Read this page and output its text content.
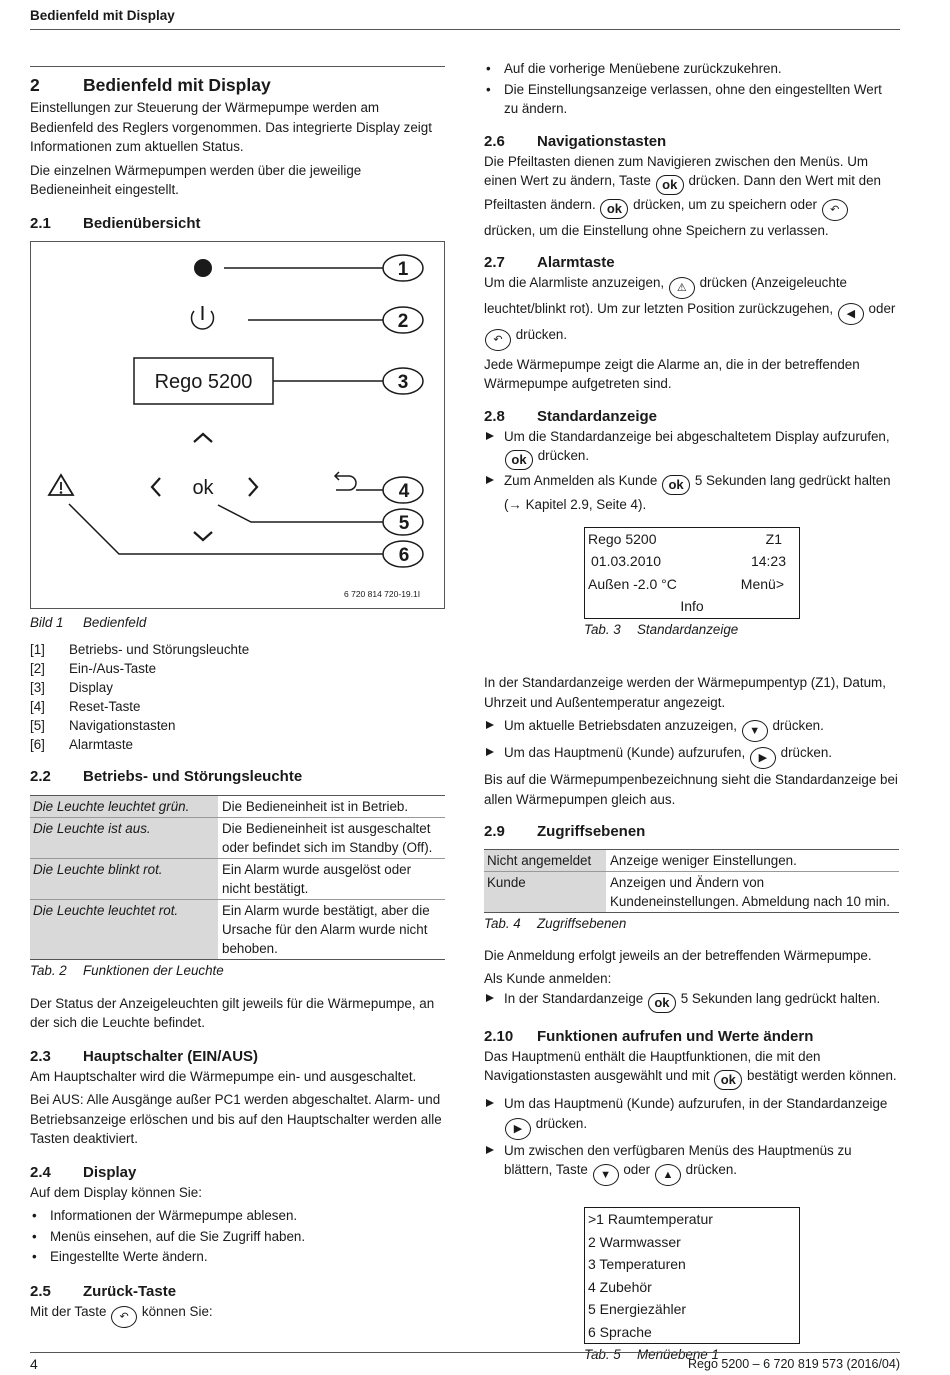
Bedienfeld mit Display
2 Bedienfeld mit Display

Einstellungen zur Steuerung der Wärmepumpe werden am Bedienfeld des Reglers vorgenommen. Das integrierte Display zeigt Informationen zum aktuellen Status.

Die einzelnen Wärmepumpen werden über die jeweilige Bedieneinheit eingestellt.

2.1 Bedienübersicht
Rego 5200
ok
1
2
3
4
5
6
6 720 814 720-19.1I
Bild 1 Bedienfeld
[1]	Betriebs- und Störungsleuchte
[2]	Ein-/Aus-Taste
[3]	Display
[4]	Reset-Taste
[5]	Navigationstasten
[6]	Alarmtaste
2.2 Betriebs- und Störungsleuchte
Die Leuchte leuchtet grün.	Die Bedieneinheit ist in Betrieb.
Die Leuchte ist aus.	Die Bedieneinheit ist ausgeschaltet oder befindet sich im Standby (Off).
Die Leuchte blinkt rot.	Ein Alarm wurde ausgelöst oder nicht bestätigt.
Die Leuchte leuchtet rot.	Ein Alarm wurde bestätigt, aber die Ursache für den Alarm wurde nicht behoben.
Tab. 2 Funktionen der Leuchte

Der Status der Anzeigeleuchten gilt jeweils für die Wärmepumpe, an der sich die Leuchte befindet.

2.3 Hauptschalter (EIN/AUS)

Am Hauptschalter wird die Wärmepumpe ein- und ausgeschaltet.

Bei AUS: Alle Ausgänge außer PC1 werden abgeschaltet. Alarm- und Betriebsanzeige erlöschen und bis auf den Hauptschalter werden alle Tasten deaktiviert.

2.4 Display

Auf dem Display können Sie:

• Informationen der Wärmepumpe ablesen.
• Menüs einsehen, auf die Sie Zugriff haben.
• Eingestellte Werte ändern.
2.5 Zurück-Taste

Mit der Taste ↶ können Sie:

• Auf die vorherige Menüebene zurückzukehren.
• Die Einstellungsanzeige verlassen, ohne den eingestellten Wert zu ändern.
2.6 Navigationstasten

Die Pfeiltasten dienen zum Navigieren zwischen den Menüs. Um einen Wert zu ändern, Taste ok drücken. Dann den Wert mit den Pfeiltasten ändern. ok drücken, um zu speichern oder ↶ drücken, um die Einstellung ohne Speichern zu verlassen.

2.7 Alarmtaste

Um die Alarmliste anzuzeigen, ⚠ drücken (Anzeigeleuchte leuchtet/blinkt rot). Um zur letzten Position zurückzugehen, ◀ oder ↶ drücken.

Jede Wärmepumpe zeigt die Alarme an, die in der betreffenden Wärmepumpe aufgetreten sind.

2.8 Standardanzeige
Um die Standardanzeige bei abgeschaltetem Display aufzurufen, ok drücken.
Zum Anmelden als Kunde ok 5 Sekunden lang gedrückt halten (→ Kapitel 2.9, Seite 4).
Rego 5200	Z1
01.03.2010	14:23
Außen -2.0 °C	Menü>
Info
Tab. 3 Standardanzeige

In der Standardanzeige werden der Wärmepumpentyp (Z1), Datum, Uhrzeit und Außentemperatur angezeigt.

Um aktuelle Betriebsdaten anzuzeigen, ▼ drücken.
Um das Hauptmenü (Kunde) aufzurufen, ▶ drücken.

Bis auf die Wärmepumpenbezeichnung sieht die Standardanzeige bei allen Wärmepumpen gleich aus.

2.9 Zugriffsebenen
Nicht angemeldet	Anzeige weniger Einstellungen.
Kunde	Anzeigen und Ändern von Kundeneinstellungen. Abmeldung nach 10 min.
Tab. 4 Zugriffsebenen

Die Anmeldung erfolgt jeweils an der betreffenden Wärmepumpe.

Als Kunde anmelden:

In der Standardanzeige ok 5 Sekunden lang gedrückt halten.
2.10 Funktionen aufrufen und Werte ändern

Das Hauptmenü enthält die Hauptfunktionen, die mit den Navigationstasten ausgewählt und mit ok bestätigt werden können.

Um das Hauptmenü (Kunde) aufzurufen, in der Standardanzeige ▶ drücken.
Um zwischen den verfügbaren Menüs des Hauptmenüs zu blättern, Taste ▼ oder ▲ drücken.
>1 Raumtemperatur
2 Warmwasser
3 Temperaturen
4 Zubehör
5 Energiezähler
6 Sprache
Tab. 5 Menüebene 1
4	Rego 5200 – 6 720 819 573 (2016/04)
